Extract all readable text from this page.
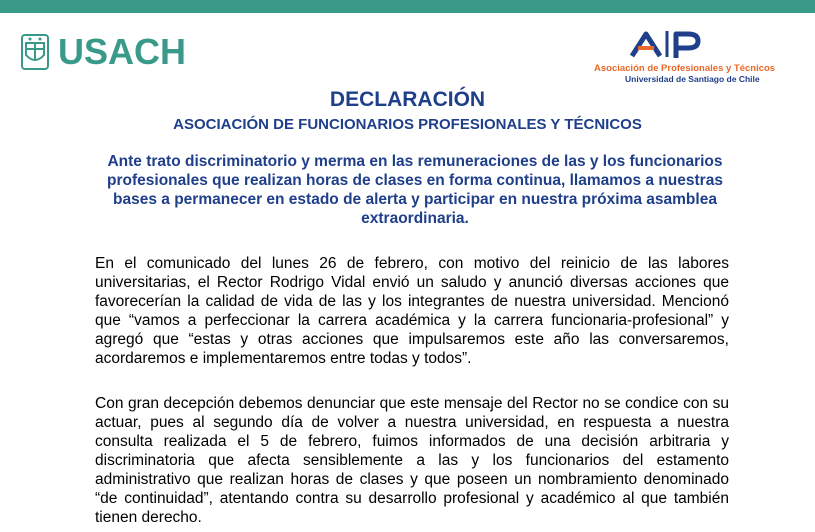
USACH	Asociación de Profesionales y Técnicos
Universidad de Santiago de Chile
DECLARACIÓN
ASOCIACIÓN DE FUNCIONARIOS PROFESIONALES Y TÉCNICOS
Ante trato discriminatorio y merma en las remuneraciones de las y los funcionarios profesionales que realizan horas de clases en forma continua, llamamos a nuestras bases a permanecer en estado de alerta y participar en nuestra próxima asamblea extraordinaria.
En el comunicado del lunes 26 de febrero, con motivo del reinicio de las labores universitarias, el Rector Rodrigo Vidal envió un saludo y anunció diversas acciones que favorecerían la calidad de vida de las y los integrantes de nuestra universidad. Mencionó que “vamos a perfeccionar la carrera académica y la carrera funcionaria-profesional” y agregó que “estas y otras acciones que impulsaremos este año las conversaremos, acordaremos e implementaremos entre todas y todos”.
Con gran decepción debemos denunciar que este mensaje del Rector no se condice con su actuar, pues al segundo día de volver a nuestra universidad, en respuesta a nuestra consulta realizada el 5 de febrero, fuimos informados de una decisión arbitraria y discriminatoria que afecta sensiblemente a las y los funcionarios del estamento administrativo que realizan horas de clases y que poseen un nombramiento denominado “de continuidad”, atentando contra su desarrollo profesional y académico al que también tienen derecho.
